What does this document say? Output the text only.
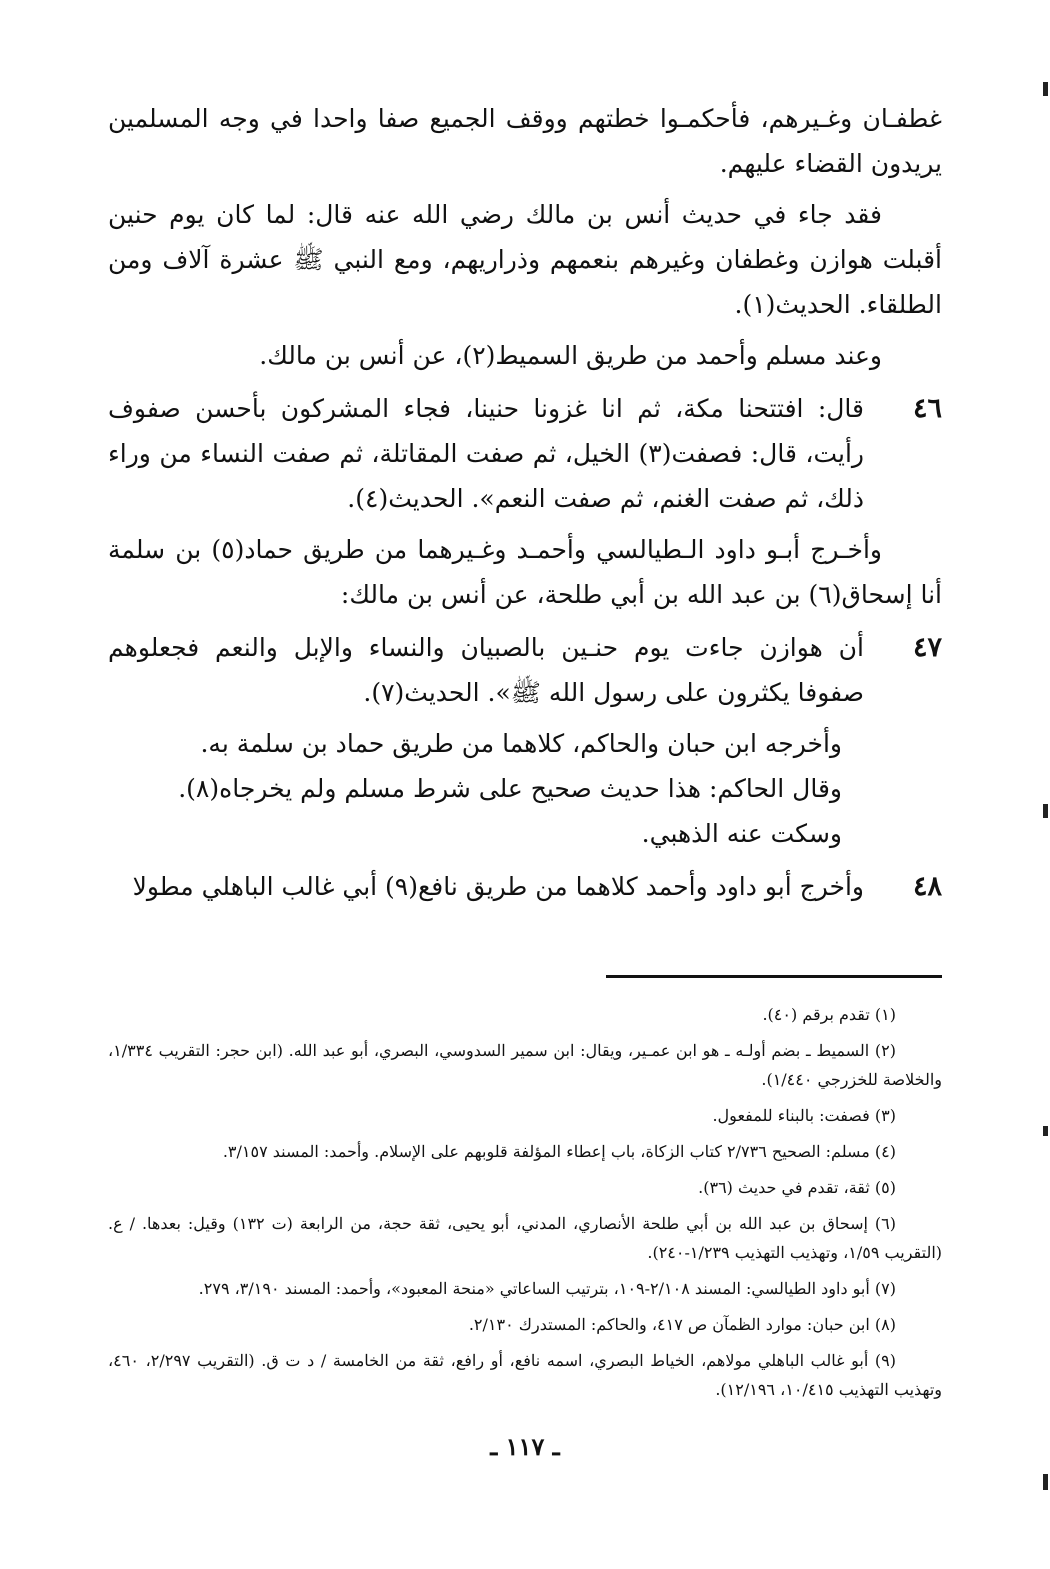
غطفـان وغـيرهم، فأحكمـوا خطتهم ووقف الجميع صفا واحدا في وجه المسلمين يريدون القضاء عليهم.

فقد جاء في حديث أنس بن مالك رضي الله عنه قال: لما كان يوم حنين أقبلت هوازن وغطفان وغيرهم بنعمهم وذراريهم، ومع النبي ﷺ عشرة آلاف ومن الطلقاء. الحديث(١).

وعند مسلم وأحمد من طريق السميط(٢)، عن أنس بن مالك.

٤٦
قال: افتتحنا مكة، ثم انا غزونا حنينا، فجاء المشركون بأحسن صفوف رأيت، قال: فصفت(٣) الخيل، ثم صفت المقاتلة، ثم صفت النساء من وراء ذلك، ثم صفت الغنم، ثم صفت النعم». الحديث(٤).

وأخـرج أبـو داود الـطيالسي وأحمـد وغـيرهما من طريق حماد(٥) بن سلمة أنا إسحاق(٦) بن عبد الله بن أبي طلحة، عن أنس بن مالك:

٤٧
أن هوازن جاءت يوم حنـين بالصبيان والنساء والإبل والنعم فجعلوهم صفوفا يكثرون على رسول الله ﷺ». الحديث(٧).

وأخرجه ابن حبان والحاكم، كلاهما من طريق حماد بن سلمة به.

وقال الحاكم: هذا حديث صحيح على شرط مسلم ولم يخرجاه(٨).

وسكت عنه الذهبي.

٤٨
وأخرج أبو داود وأحمد كلاهما من طريق نافع(٩) أبي غالب الباهلي مطولا

(١) تقدم برقم (٤٠).

(٢) السميط ـ بضم أولـه ـ هو ابن عمـير، ويقال: ابن سمير السدوسي، البصري، أبو عبد الله. (ابن حجر: التقريب ١/٣٣٤، والخلاصة للخزرجي ١/٤٤٠).

(٣) فصفت: بالبناء للمفعول.

(٤) مسلم: الصحيح ٢/٧٣٦ كتاب الزكاة، باب إعطاء المؤلفة قلوبهم على الإسلام. وأحمد: المسند ٣/١٥٧.

(٥) ثقة، تقدم في حديث (٣٦).

(٦) إسحاق بن عبد الله بن أبي طلحة الأنصاري، المدني، أبو يحيى، ثقة حجة، من الرابعة (ت ١٣٢) وقيل: بعدها. / ع. (التقريب ١/٥٩، وتهذيب التهذيب ١/٢٣٩-٢٤٠).

(٧) أبو داود الطيالسي: المسند ٢/١٠٨-١٠٩، بترتيب الساعاتي «منحة المعبود»، وأحمد: المسند ٣/١٩٠، ٢٧٩.

(٨) ابن حبان: موارد الظمآن ص ٤١٧، والحاكم: المستدرك ٢/١٣٠.

(٩) أبو غالب الباهلي مولاهم، الخياط البصري، اسمه نافع، أو رافع، ثقة من الخامسة / د ت ق. (التقريب ٢/٢٩٧، ٤٦٠، وتهذيب التهذيب ١٠/٤١٥، ١٢/١٩٦).

ـ ١١٧ ـ
